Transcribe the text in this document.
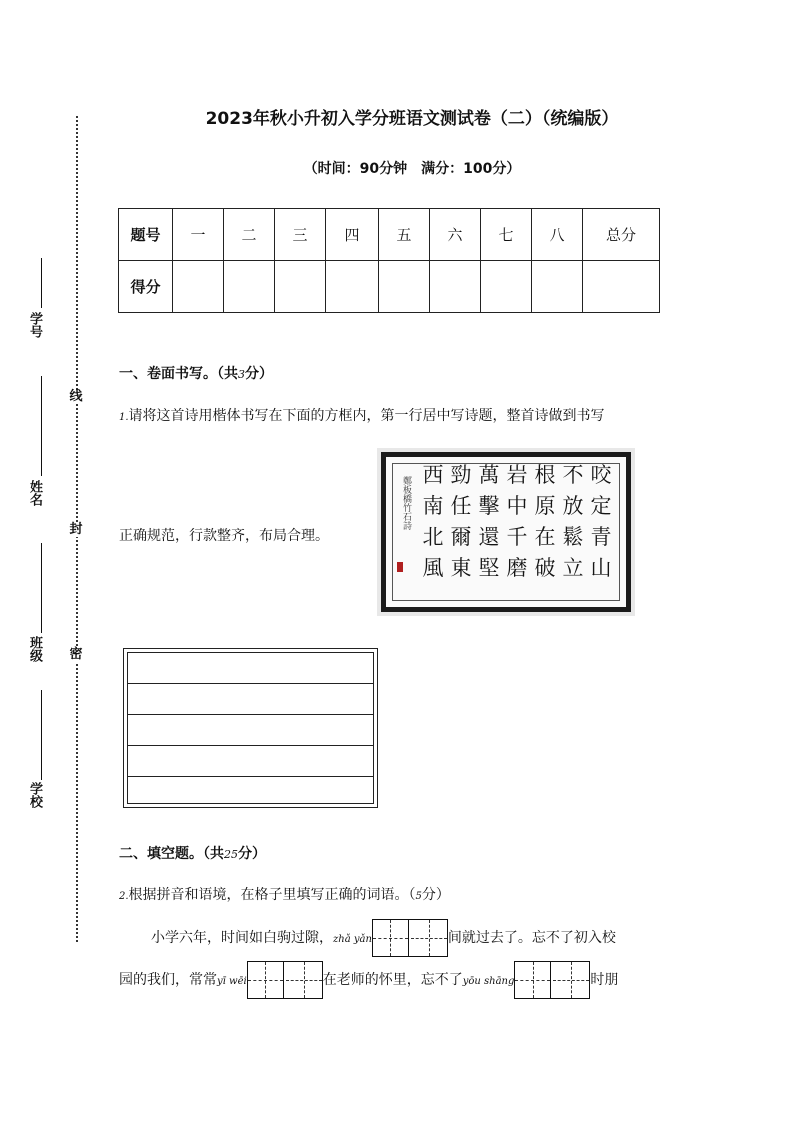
线
封
密
学号
姓名
班级
学校
2023年秋小升初入学分班语文测试卷（二）（统编版）
（时间：90分钟　满分：100分）
题号	一	二	三	四	五	六	七	八	总分
得分									
一、卷面书写。（共3分）
1.请将这首诗用楷体书写在下面的方框内，第一行居中写诗题，整首诗做到书写
正确规范，行款整齐，布局合理。
咬定青山
不放鬆立
根原在破
岩中千磨
萬擊還堅
勁任爾東
西南北風
鄭板橋竹石詩
二、填空题。（共25分）
2.根据拼音和语境，在格子里填写正确的词语。（5分）
小学六年，时间如白驹过隙，zhǎ yǎn	间就过去了。忘不了初入校
园的我们，常常yī wēi	在老师的怀里，忘不了yōu shāng	时朋
